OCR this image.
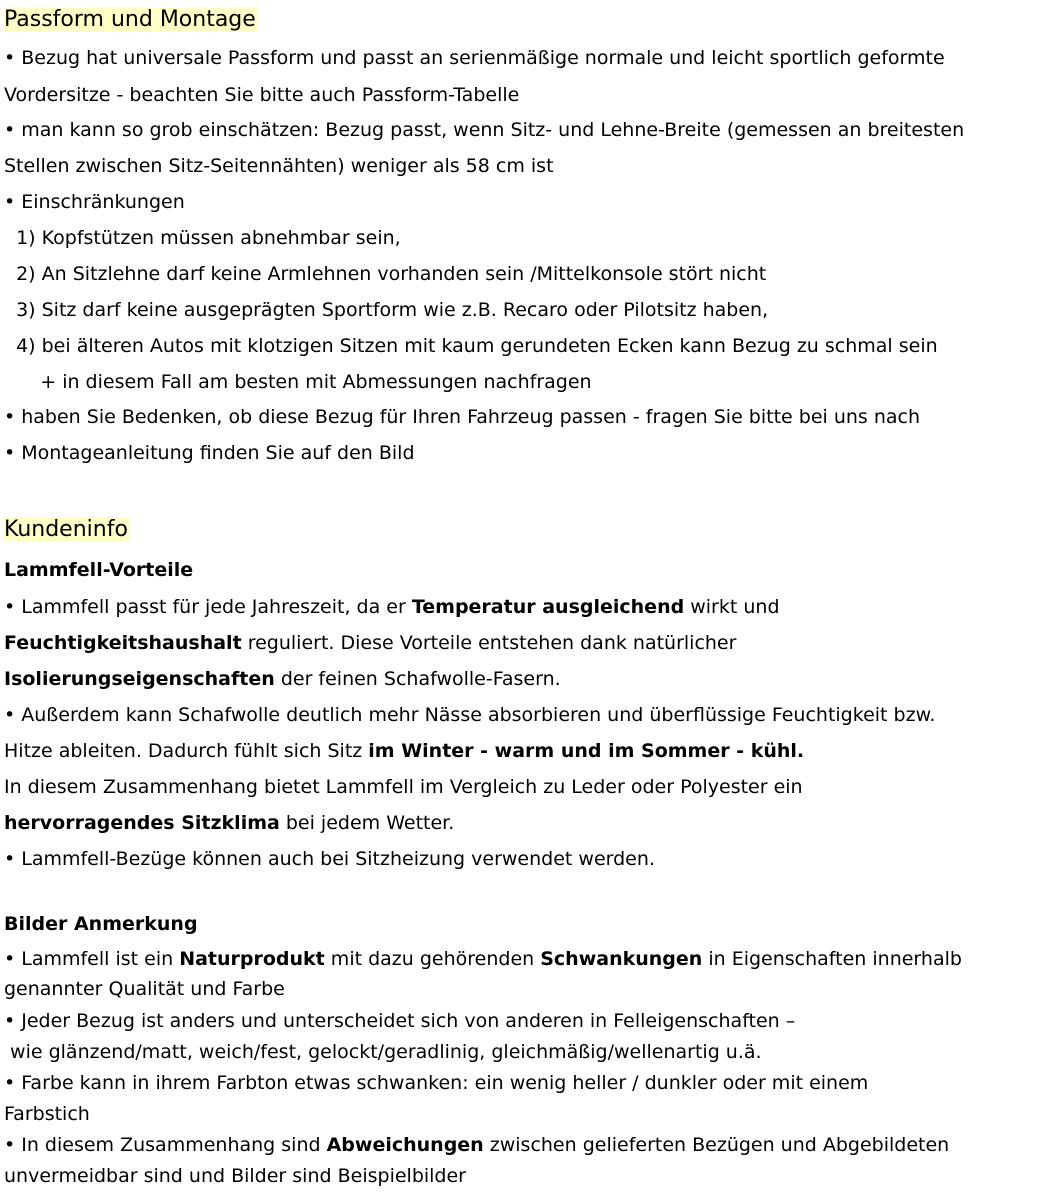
Passform und Montage
• Bezug hat universale Passform und passt an serienmäßige normale und leicht sportlich geformte
Vordersitze - beachten Sie bitte auch Passform-Tabelle
• man kann so grob einschätzen: Bezug passt, wenn Sitz- und Lehne-Breite (gemessen an breitesten
Stellen zwischen Sitz-Seitennähten) weniger als 58 cm ist
• Einschränkungen
1) Kopfstützen müssen abnehmbar sein,
2) An Sitzlehne darf keine Armlehnen vorhanden sein /Mittelkonsole stört nicht
3) Sitz darf keine ausgeprägten Sportform wie z.B. Recaro oder Pilotsitz haben,
4) bei älteren Autos mit klotzigen Sitzen mit kaum gerundeten Ecken kann Bezug zu schmal sein
+ in diesem Fall am besten mit Abmessungen nachfragen
• haben Sie Bedenken, ob diese Bezug für Ihren Fahrzeug passen - fragen Sie bitte bei uns nach
• Montageanleitung finden Sie auf den Bild
Kundeninfo
Lammfell-Vorteile
• Lammfell passt für jede Jahreszeit, da er Temperatur ausgleichend wirkt und
Feuchtigkeitshaushalt reguliert. Diese Vorteile entstehen dank natürlicher
Isolierungseigenschaften der feinen Schafwolle-Fasern.
• Außerdem kann Schafwolle deutlich mehr Nässe absorbieren und überflüssige Feuchtigkeit bzw.
Hitze ableiten. Dadurch fühlt sich Sitz im Winter - warm und im Sommer - kühl.
In diesem Zusammenhang bietet Lammfell im Vergleich zu Leder oder Polyester ein
hervorragendes Sitzklima bei jedem Wetter.
• Lammfell-Bezüge können auch bei Sitzheizung verwendet werden.
Bilder Anmerkung
• Lammfell ist ein Naturprodukt mit dazu gehörenden Schwankungen in Eigenschaften innerhalb
genannter Qualität und Farbe
• Jeder Bezug ist anders und unterscheidet sich von anderen in Felleigenschaften –
wie glänzend/matt, weich/fest, gelockt/geradlinig, gleichmäßig/wellenartig u.ä.
• Farbe kann in ihrem Farbton etwas schwanken: ein wenig heller / dunkler oder mit einem
Farbstich
• In diesem Zusammenhang sind Abweichungen zwischen gelieferten Bezügen und Abgebildeten
unvermeidbar sind und Bilder sind Beispielbilder
